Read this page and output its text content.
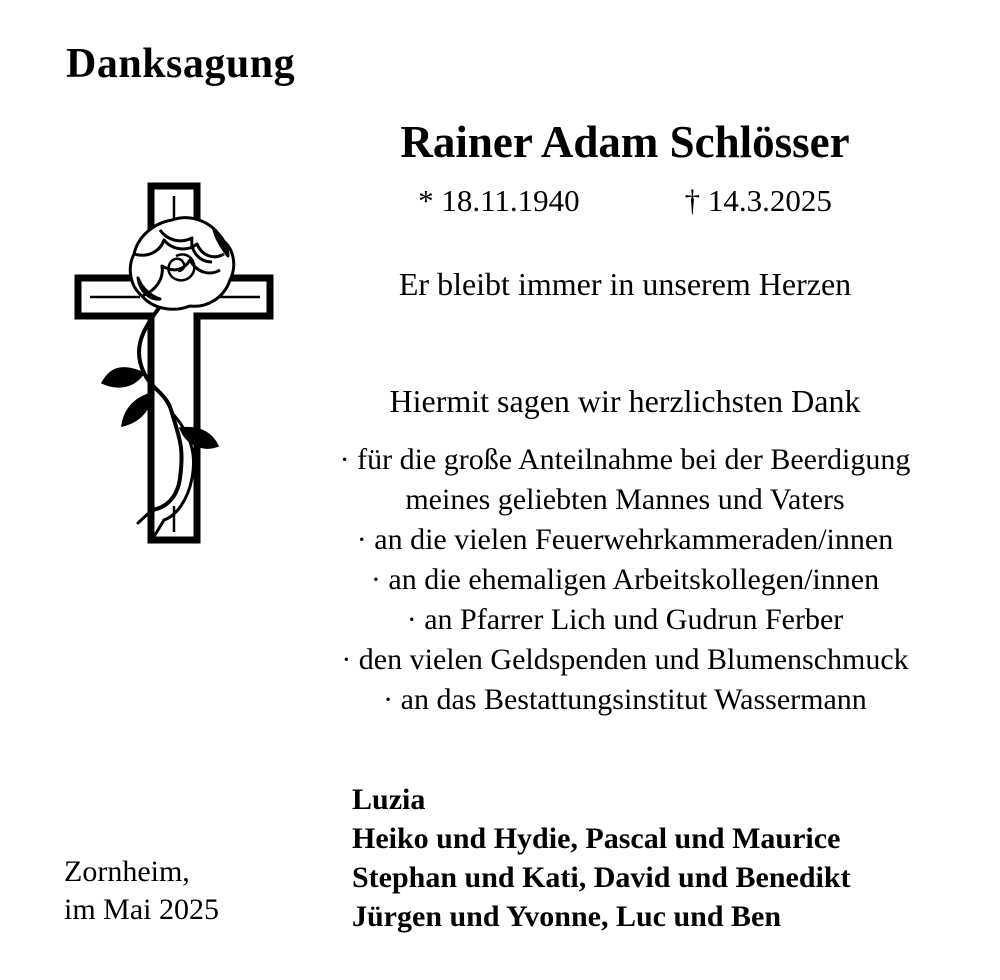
Danksagung
Rainer Adam Schlösser
* 18.11.1940	† 14.3.2025
Er bleibt immer in unserem Herzen
Hiermit sagen wir herzlichsten Dank
· für die große Anteilnahme bei der Beerdigung
meines geliebten Mannes und Vaters
· an die vielen Feuerwehrkammeraden/innen
· an die ehemaligen Arbeitskollegen/innen
· an Pfarrer Lich und Gudrun Ferber
· den vielen Geldspenden und Blumenschmuck
· an das Bestattungsinstitut Wassermann
Luzia
Heiko und Hydie, Pascal und Maurice
Stephan und Kati, David und Benedikt
Jürgen und Yvonne, Luc und Ben
Zornheim,
im Mai 2025
